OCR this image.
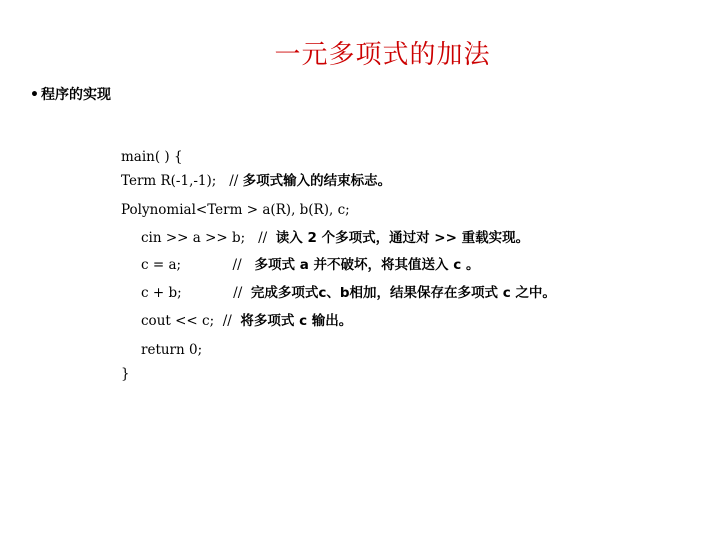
一元多项式的加法
• 程序的实现
main( ) {
Term R(-1,-1);   // 多项式输入的结束标志。
Polynomial<Term > a(R), b(R), c;
cin >> a >> b;   //  读入 2 个多项式，通过对 >> 重载实现。
c = a;            //   多项式 a 并不破坏，将其值送入 c 。
c + b;            //  完成多项式c、b相加，结果保存在多项式 c 之中。
cout << c;  //  将多项式 c 输出。
return 0;
}
